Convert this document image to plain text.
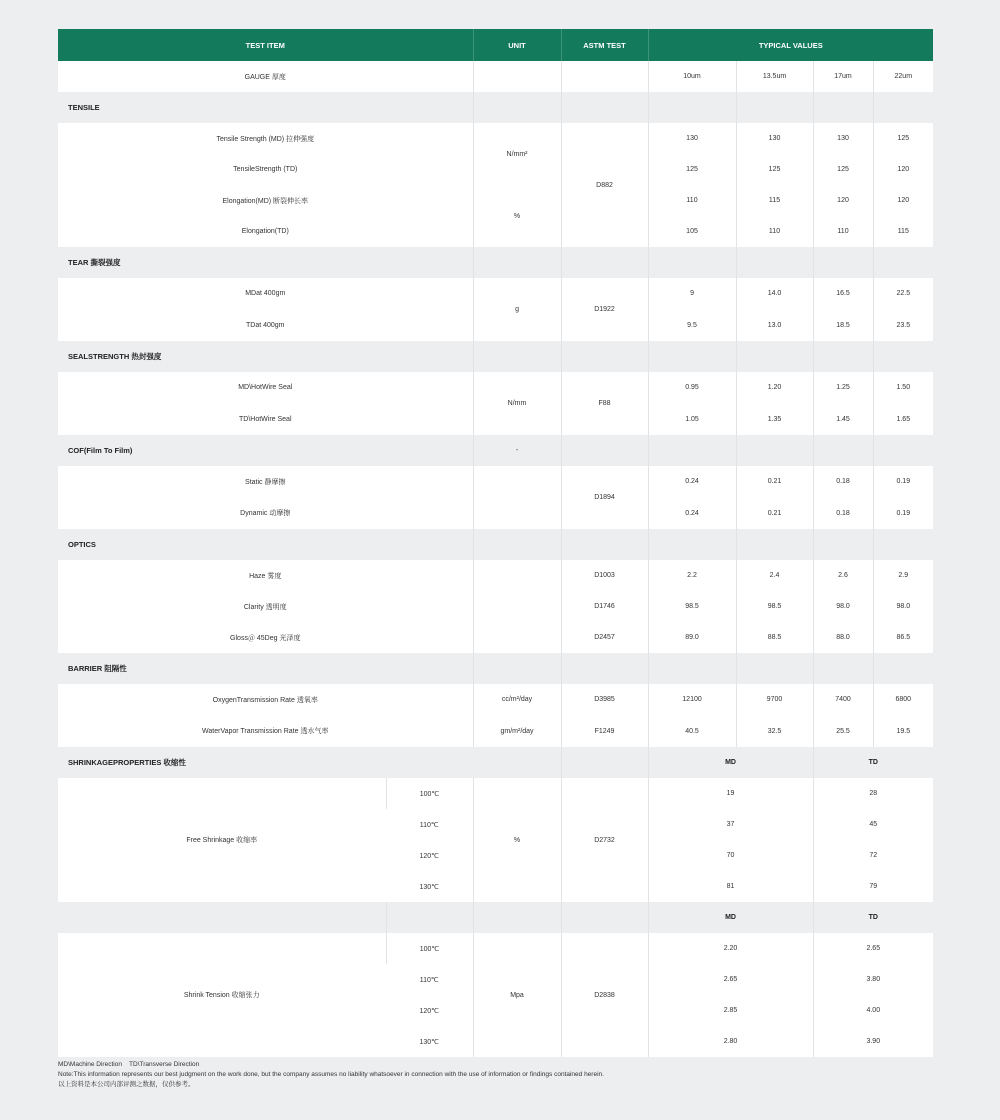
TEST ITEM		UNIT	ASTM TEST	TYPICAL VALUES			
GAUGE 厚度				10um	13.5um	17um	22um
TENSILE							
Tensile Strength (MD) 拉伸强度		N/mm²	D882	130	130	130	125
TensileStrength (TD)				125	125	125	120
Elongation(MD) 断裂伸长率		%		110	115	120	120
Elongation(TD)				105	110	110	115
TEAR 撕裂强度							
MDat 400gm		g	D1922	9	14.0	16.5	22.5
TDat 400gm				9.5	13.0	18.5	23.5
SEALSTRENGTH 热封强度							
MD\HotWire Seal		N/mm	F88	0.95	1.20	1.25	1.50
TD\HotWire Seal				1.05	1.35	1.45	1.65
COF(Film To Film)		-					
Static 静摩擦			D1894	0.24	0.21	0.18	0.19
Dynamic 动摩擦				0.24	0.21	0.18	0.19
OPTICS							
Haze 雾度			D1003	2.2	2.4	2.6	2.9
Clarity 透明度			D1746	98.5	98.5	98.0	98.0
Gloss＠ 45Deg 光泽度			D2457	89.0	88.5	88.0	86.5
BARRIER 阻隔性							
OxygenTransmission Rate 透氧率		cc/m²/day	D3985	12100	9700	7400	6800
WaterVapor Transmission Rate 透水气率		gm/m²/day	F1249	40.5	32.5	25.5	19.5
SHRINKAGEPROPERTIES 收缩性				MD		TD	
Free Shrinkage 收缩率	100℃	%	D2732	19		28	
	110℃			37		45	
	120℃			70		72	
	130℃			81		79	
				MD		TD	
Shrink Tension 收缩张力	100℃	Mpa	D2838	2.20		2.65	
	110℃			2.65		3.80	
	120℃			2.85		4.00	
	130℃			2.80		3.90	
MD\Machine Direction    TD\Transverse Direction
Note:This information represents our best judgment on the work done, but the company assumes no liability whatsoever in connection with the use of information or findings contained herein.
以上资料是本公司内部评测之数据，仅供参考。
